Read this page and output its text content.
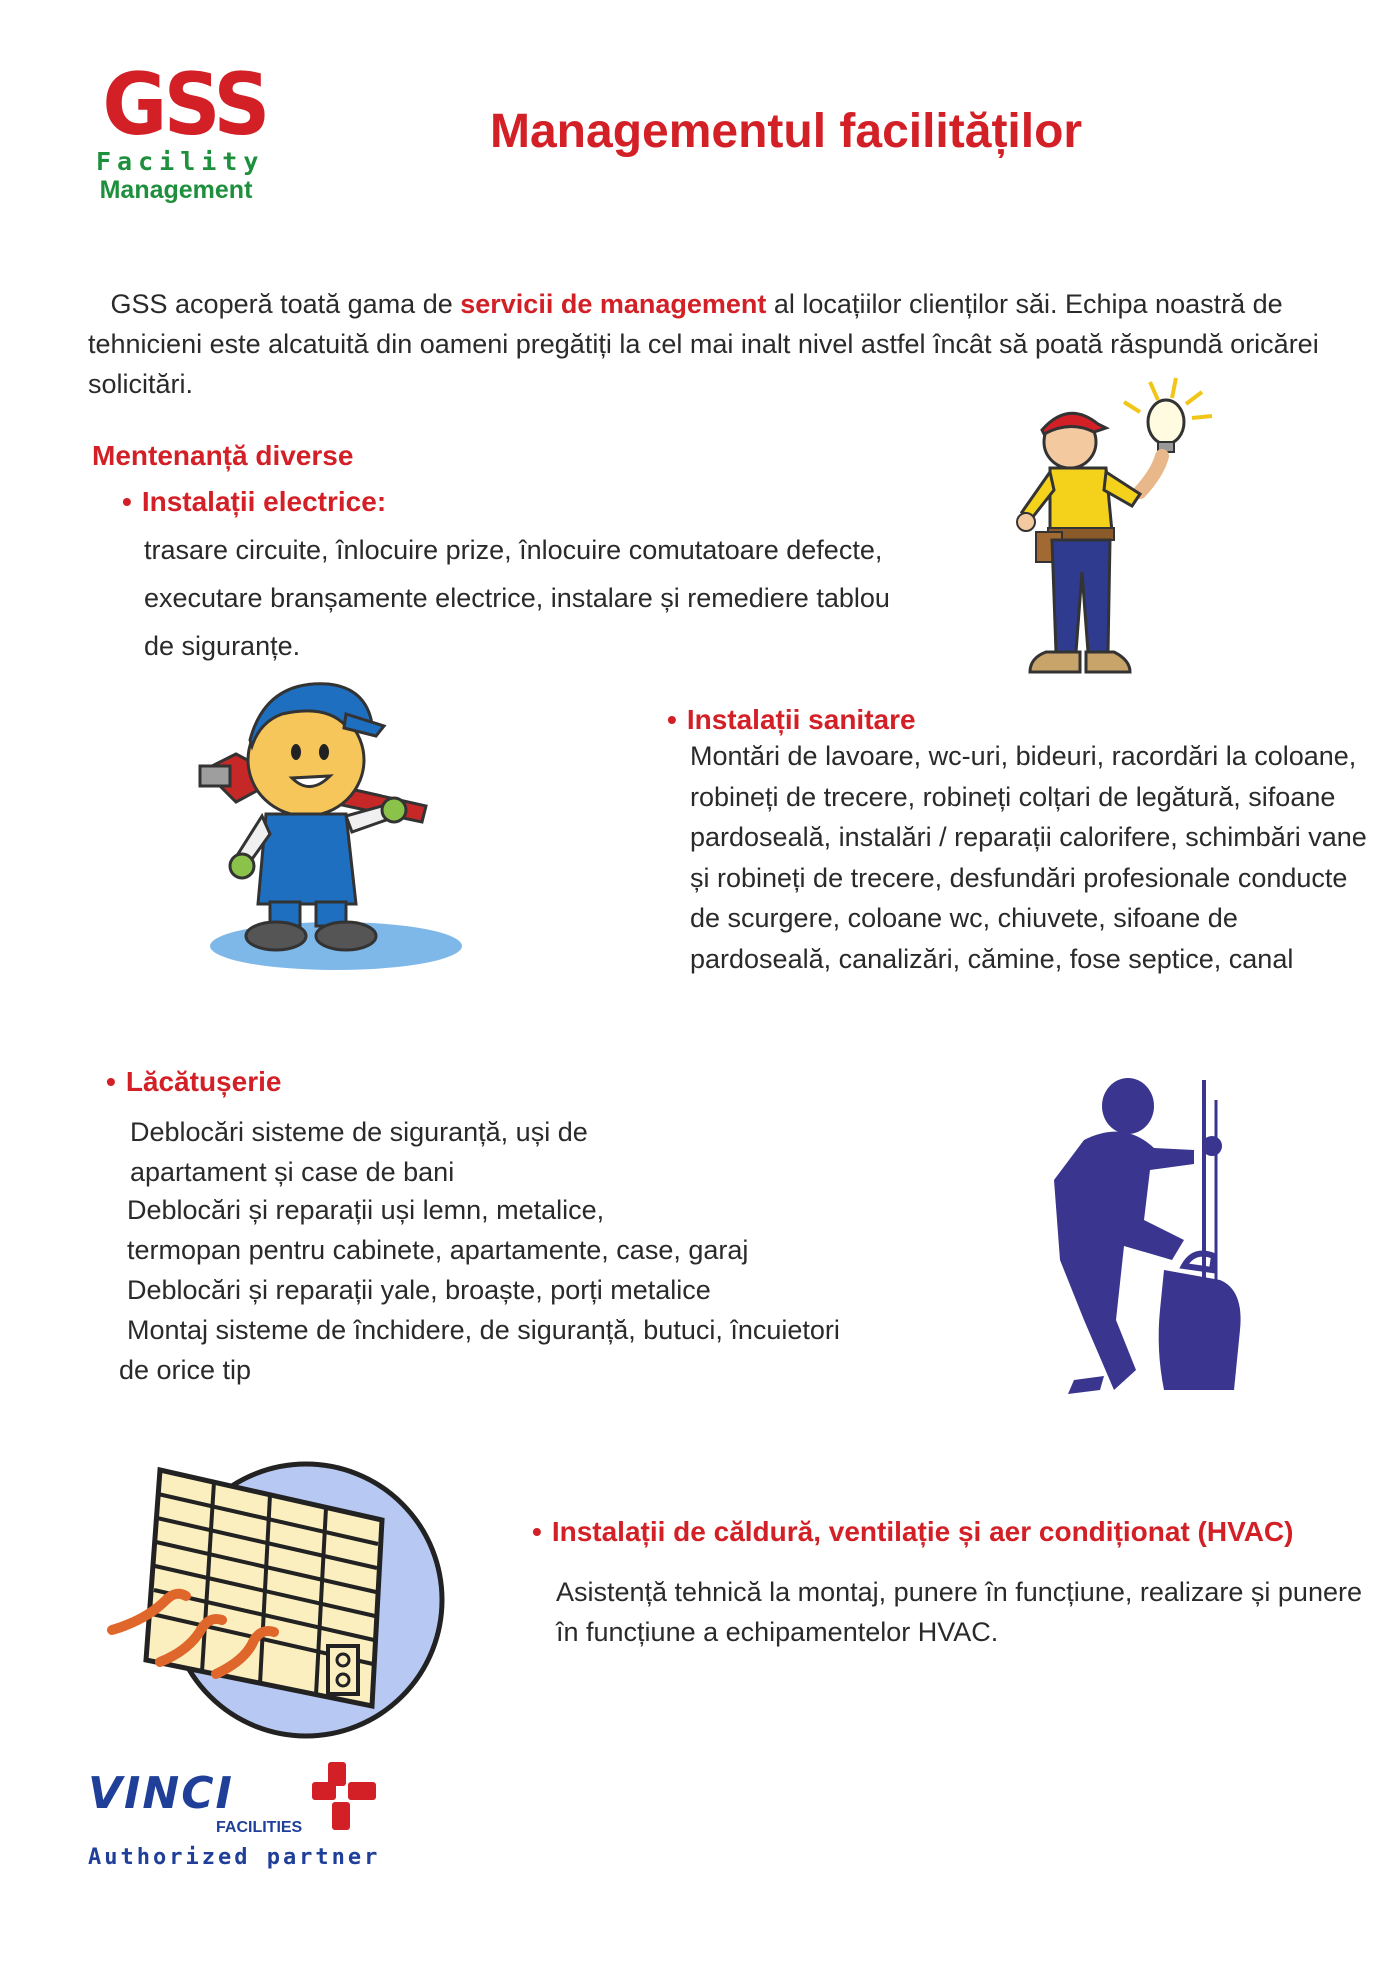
GSS
Facility
Management
Managementul facilităților
GSS acoperă toată gama de servicii de management al locațiilor clienților săi. Echipa noastră de tehnicieni este alcatuită din oameni pregătiți la cel mai inalt nivel astfel încât să poată răspundă oricărei solicitări.
Mentenanță diverse
• Instalații electrice:
trasare circuite, înlocuire prize, înlocuire comutatoare defecte, executare branșamente electrice, instalare și remediere tablou de siguranțe.
• Instalații sanitare
Montări de lavoare, wc-uri, bideuri, racordări la coloane, robineți de trecere, robineți colțari de legătură, sifoane pardoseală, instalări / reparații calorifere, schimbări vane și robineți de trecere, desfundări profesionale conducte de scurgere, coloane wc, chiuvete, sifoane de pardoseală, canalizări, cămine, fose septice, canal
• Lăcătușerie
Deblocări sisteme de siguranță, uși de
apartament și case de bani
Deblocări și reparații uși lemn, metalice,
termopan pentru cabinete, apartamente, case, garaj
Deblocări și reparații yale, broaște, porți metalice
Montaj sisteme de închidere, de siguranță, butuci, încuietori
de orice tip
• Instalații de căldură, ventilație și aer condiționat (HVAC)
Asistență tehnică la montaj, punere în funcțiune, realizare și punere în funcțiune a echipamentelor HVAC.
VINCI
FACILITIES
Authorized partner
